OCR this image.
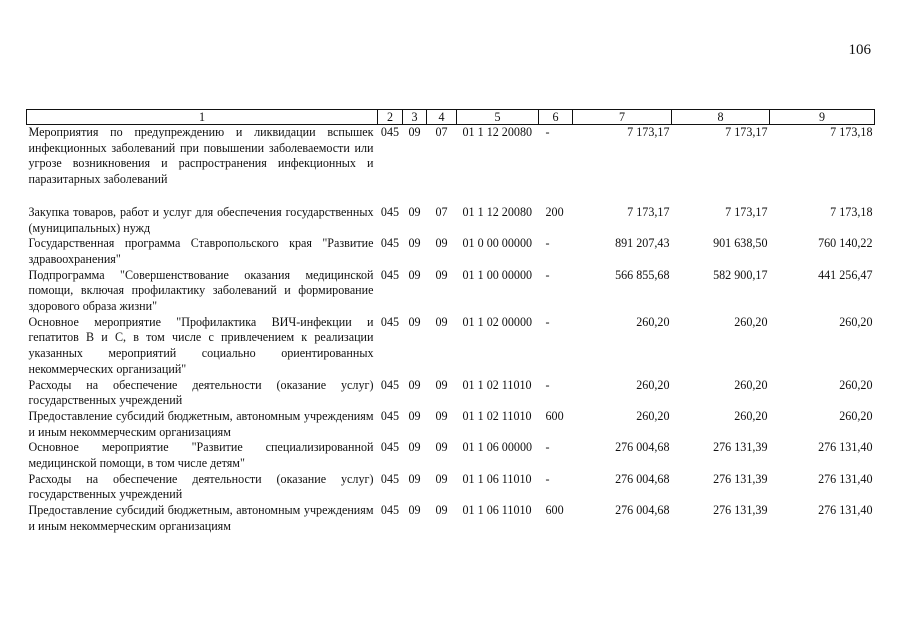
106
1	2	3	4	5	6	7	8	9
Мероприятия по предупреждению и ликвидации вспышек инфекционных заболеваний при повышении заболеваемости или угрозе возникновения и распространения инфекционных и паразитарных заболеваний	045	09	07	01 1 12 20080	-	7 173,17	7 173,17	7 173,18
Закупка товаров, работ и услуг для обеспечения государственных (муниципальных) нужд	045	09	07	01 1 12 20080	200	7 173,17	7 173,17	7 173,18
Государственная программа Ставропольского края "Развитие здравоохранения"	045	09	09	01 0 00 00000	-	891 207,43	901 638,50	760 140,22
Подпрограмма "Совершенствование оказания медицинской помощи, включая профилактику заболеваний и формирование здорового образа жизни"	045	09	09	01 1 00 00000	-	566 855,68	582 900,17	441 256,47
Основное мероприятие "Профилактика ВИЧ-инфекции и гепатитов В и С, в том числе с привлечением к реализации указанных мероприятий социально ориентированных некоммерческих организаций"	045	09	09	01 1 02 00000	-	260,20	260,20	260,20
Расходы на обеспечение деятельности (оказание услуг) государственных учреждений	045	09	09	01 1 02 11010	-	260,20	260,20	260,20
Предоставление субсидий бюджетным, автономным учреждениям и иным некоммерческим организациям	045	09	09	01 1 02 11010	600	260,20	260,20	260,20
Основное мероприятие "Развитие специализированной медицинской помощи, в том числе детям"	045	09	09	01 1 06 00000	-	276 004,68	276 131,39	276 131,40
Расходы на обеспечение деятельности (оказание услуг) государственных учреждений	045	09	09	01 1 06 11010	-	276 004,68	276 131,39	276 131,40
Предоставление субсидий бюджетным, автономным учреждениям и иным некоммерческим организациям	045	09	09	01 1 06 11010	600	276 004,68	276 131,39	276 131,40
